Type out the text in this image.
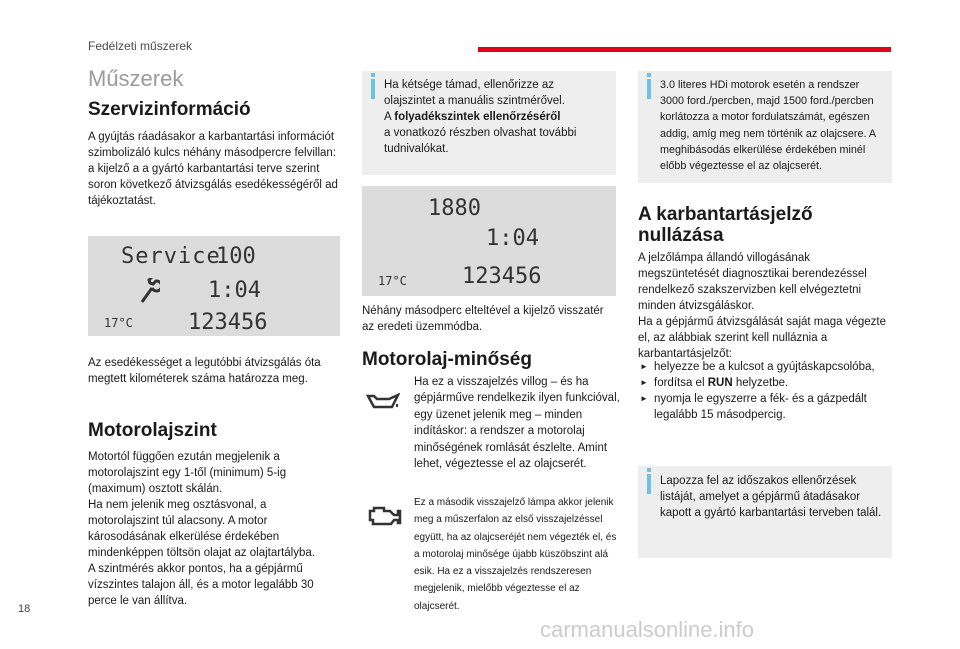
Fedélzeti műszerek
Műszerek
Szervizinformáció

A gyújtás ráadásakor a karbantartási információt szimbolizáló kulcs néhány másodpercre felvillan: a kijelző a a gyártó karbantartási terve szerint soron következő átvizsgálás esedékességéről ad tájékoztatást.

Service
100
1:04
17°C	123456

Az esedékességet a legutóbbi átvizsgálás óta megtett kilométerek száma határozza meg.

Motorolajszint

Motortól függően ezután megjelenik a motorolajszint egy 1-től (minimum) 5-ig (maximum) osztott skálán.
Ha nem jelenik meg osztásvonal, a motorolajszint túl alacsony. A motor károsodásának elkerülése érdekében mindenképpen töltsön olajat az olajtartályba.
A szintmérés akkor pontos, ha a gépjármű vízszintes talajon áll, és a motor legalább 30 perce le van állítva.

Ha kétsége támad, ellenőrizze az olajszintet a manuális szintmérővel.
A folyadékszintek ellenőrzéséről
a vonatkozó részben olvashat további tudnivalókat.

1880
1:04
17°C	123456

Néhány másodperc elteltével a kijelző visszatér az eredeti üzemmódba.

Motorolaj-minőség

Ha ez a visszajelzés villog – és ha gépjárműve rendelkezik ilyen funkcióval, egy üzenet jelenik meg – minden indításkor: a rendszer a motorolaj minőségének romlását észlelte. Amint lehet, végeztesse el az olajcserét.

Ez a második visszajelző lámpa akkor jelenik meg a műszerfalon az első visszajelzéssel együtt, ha az olajcseréjét nem végezték el, és a motorolaj minősége újabb küszöbszint alá esik. Ha ez a visszajelzés rendszeresen megjelenik, mielőbb végeztesse el az olajcserét.

3.0 literes HDi motorok esetén a rendszer 3000 ford./percben, majd 1500 ford./percben korlátozza a motor fordulatszámát, egészen addig, amíg meg nem történik az olajcsere. A meghibásodás elkerülése érdekében minél előbb végeztesse el az olajcserét.

A karbantartásjelző
nullázása

A jelzőlámpa állandó villogásának megszüntetését diagnosztikai berendezéssel rendelkező szakszervizben kell elvégeztetni minden átvizsgáláskor.
Ha a gépjármű átvizsgálását saját maga végezte el, az alábbiak szerint kell nulláznia a karbantartásjelzőt:

► helyezze be a kulcsot a gyújtáskapcsolóba,
► fordítsa el RUN helyzetbe.
► nyomja le egyszerre a fék- és a gázpedált legalább 15 másodpercig.

Lapozza fel az időszakos ellenőrzések listáját, amelyet a gépjármű átadásakor kapott a gyártó karbantartási terveben talál.

18
carmanualsonline.info
